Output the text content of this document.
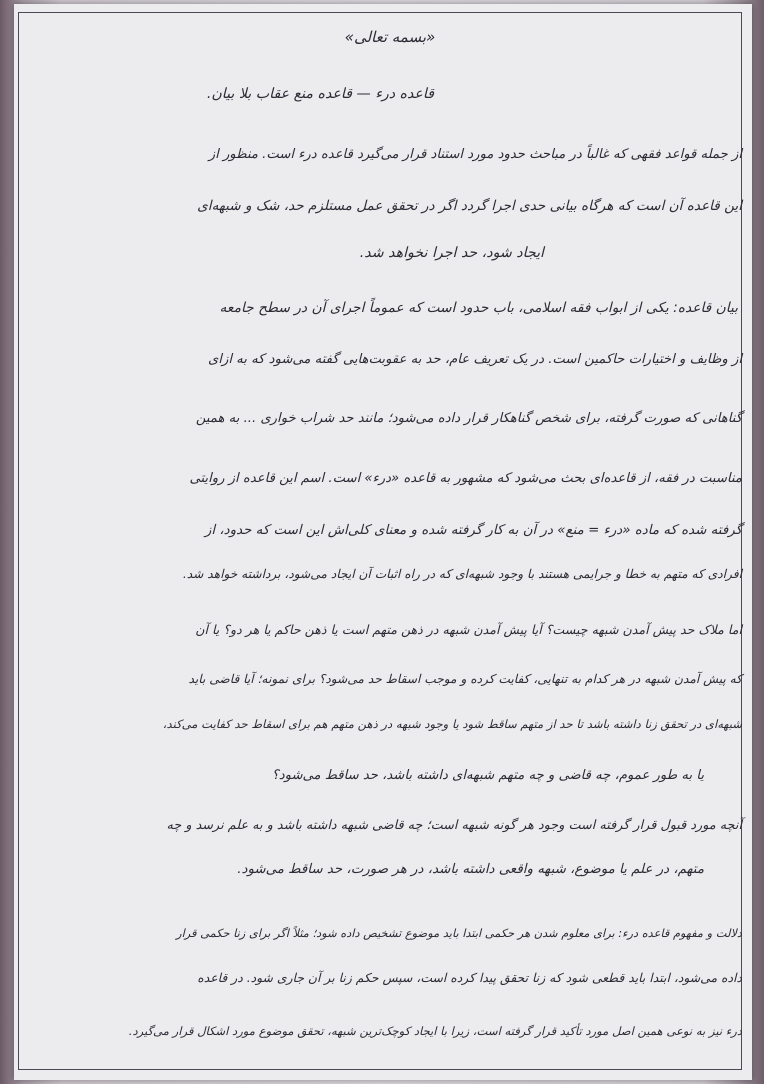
«بسمه تعالی»
قاعده درء — قاعده منع عقاب بلا بیان.
از جمله قواعد فقهی که غالباً در مباحث حدود مورد استناد قرار می‌گیرد قاعده درء است. منظور از
این قاعده آن است که هرگاه بیانی حدی اجرا گردد اگر در تحقق عمل مستلزم حد، شک و شبهه‌ای
ایجاد شود، حد اجرا نخواهد شد.
بیان قاعده: یکی از ابواب فقه اسلامی، باب حدود است که عموماً اجرای آن در سطح جامعه
از وظایف و اختیارات حاکمین است. در یک تعریف عام، حد به عقوبت‌هایی گفته می‌شود که به ازای
گناهانی که صورت گرفته، برای شخص گناهکار قرار داده می‌شود؛ مانند حد شراب خواری ... به همین
مناسبت در فقه، از قاعده‌ای بحث می‌شود که مشهور به قاعده «درء» است. اسم این قاعده از روایتی
گرفته شده که ماده «درء = منع» در آن به کار گرفته شده و معنای کلی‌اش این است که حدود، از
افرادی که متهم به خطا و جرایمی هستند با وجود شبهه‌ای که در راه اثبات آن ایجاد می‌شود، برداشته خواهد شد.
اما ملاک حد پیش آمدن شبهه چیست؟ آیا پیش آمدن شبهه در ذهن متهم است یا ذهن حاکم یا هر دو؟ یا آن
که پیش آمدن شبهه در هر کدام به تنهایی، کفایت کرده و موجب اسقاط حد می‌شود؟ برای نمونه؛ آیا قاضی باید
شبهه‌ای در تحقق زنا داشته باشد تا حد از متهم ساقط شود یا وجود شبهه در ذهن متهم هم برای اسقاط حد کفایت می‌کند،
یا به طور عموم، چه قاضی و چه متهم شبهه‌ای داشته باشد، حد ساقط می‌شود؟
آنچه مورد قبول قرار گرفته است وجود هر گونه شبهه است؛ چه قاضی شبهه داشته باشد و به علم نرسد و چه
متهم، در علم یا موضوع، شبهه واقعی داشته باشد، در هر صورت، حد ساقط می‌شود.
دلالت و مفهوم قاعده درء: برای معلوم شدن هر حکمی ابتدا باید موضوع تشخیص داده شود؛ مثلاً اگر برای زنا حکمی قرار
داده می‌شود، ابتدا باید قطعی شود که زنا تحقق پیدا کرده است، سپس حکم زنا بر آن جاری شود. در قاعده
درء نیز به نوعی همین اصل مورد تأکید قرار گرفته است، زیرا با ایجاد کوچک‌ترین شبهه، تحقق موضوع مورد اشکال قرار می‌گیرد.
